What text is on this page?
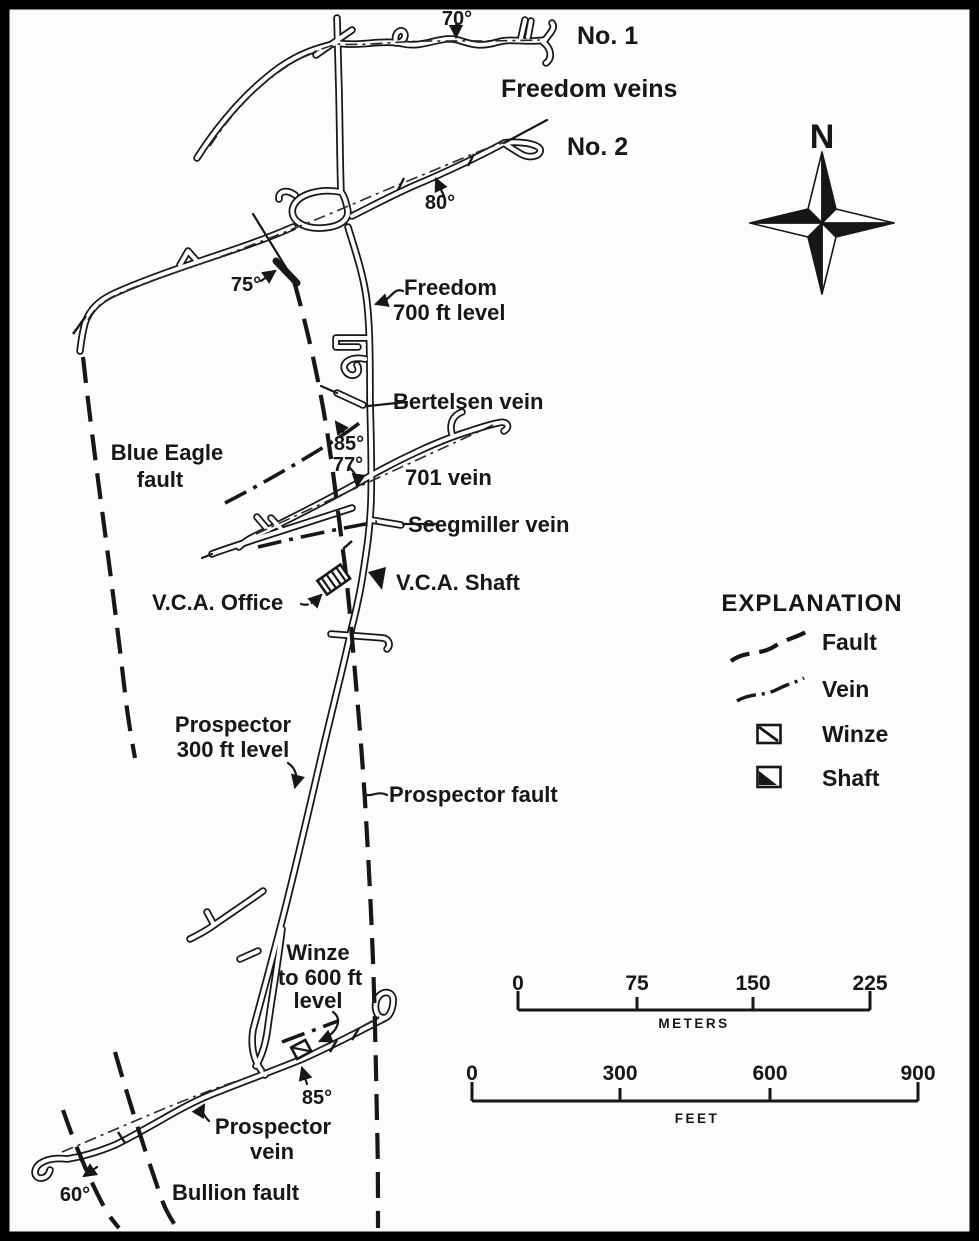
N
EXPLANATION
Fault
Vein
Winze
Shaft
0	75	150	225
METERS
0	300	600	900
FEET
70°
No. 1
Freedom veins
No. 2
80°
75°	Freedom
700 ft level
Bertelsen vein
85°
77° 701 vein
Seegmiller vein
Blue Eagle
fault
V.C.A. Office
V.C.A. Shaft
Prospector
300 ft level
Prospector fault
Winze
to 600 ft
level
85°
Prospector
vein
60°	Bullion fault
